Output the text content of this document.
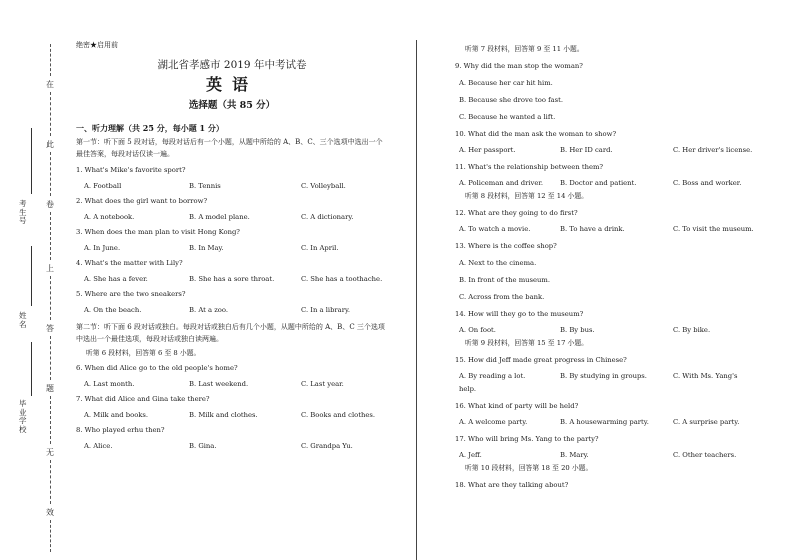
在
此
卷
上
答
题
无
效
考生号
姓名
毕业学校
绝密★启用前
湖北省孝感市 2019 年中考试卷
英语
选择题（共 85 分）
一、听力理解（共 25 分，每小题 1 分）
第一节：听下面 5 段对话，每段对话后有一个小题，从题中所给的 A、B、C、三个选项中选出一个最佳答案，每段对话仅读一遍。
1. What's Mike's favorite sport?
A. Football	B. Tennis	C. Volleyball.
2. What does the girl want to borrow?
A. A notebook.	B. A model plane.	C. A dictionary.
3. When does the man plan to visit Hong Kong?
A. In June.	B. In May.	C. In April.
4. What's the matter with Lily?
A. She has a fever.	B. She has a sore throat.	C. She has a toothache.
5. Where are the two sneakers?
A. On the beach.	B. At a zoo.	C. In a library.
第二节：听下面 6 段对话或独白。每段对话或独白后有几个小题，从题中所给的 A、B、C 三个选项中选出一个最佳选项，每段对话或独白读两遍。
听第 6 段材料，回答第 6 至 8 小题。
6. When did Alice go to the old people's home?
A. Last month.	B. Last weekend.	C. Last year.
7. What did Alice and Gina take there?
A. Milk and books.	B. Milk and clothes.	C. Books and clothes.
8. Who played erhu then?
A. Alice.	B. Gina.	C. Grandpa Yu.
听第 7 段材料，回答第 9 至 11 小题。
9. Why did the man stop the woman?
A. Because her car hit him.
B. Because she drove too fast.
C. Because he wanted a lift.
10. What did the man ask the woman to show?
A. Her passport.	B. Her ID card.	C. Her driver's license.
11. What's the relationship between them?
A. Policeman and driver. B. Doctor and patient.	C. Boss and worker.
听第 8 段材料，回答第 12 至 14 小题。
12. What are they going to do first?
A. To watch a movie.	B. To have a drink.	C. To visit the museum.
13. Where is the coffee shop?
A. Next to the cinema.
B. In front of the museum.
C. Across from the bank.
14. How will they go to the museum?
A. On foot.	B. By bus.	C. By bike.
听第 9 段材料，回答第 15 至 17 小题。
15. How did Jeff made great progress in Chinese?
A. By reading a lot.	B. By studying in groups.	C. With Ms. Yang's
help.
16. What kind of party will be held?
A. A welcome party.	B. A housewarming party.	C. A surprise party.
17. Who will bring Ms. Yang to the party?
A. Jeff.	B. Mary.	C. Other teachers.
听第 10 段材料，回答第 18 至 20 小题。
18. What are they talking about?
